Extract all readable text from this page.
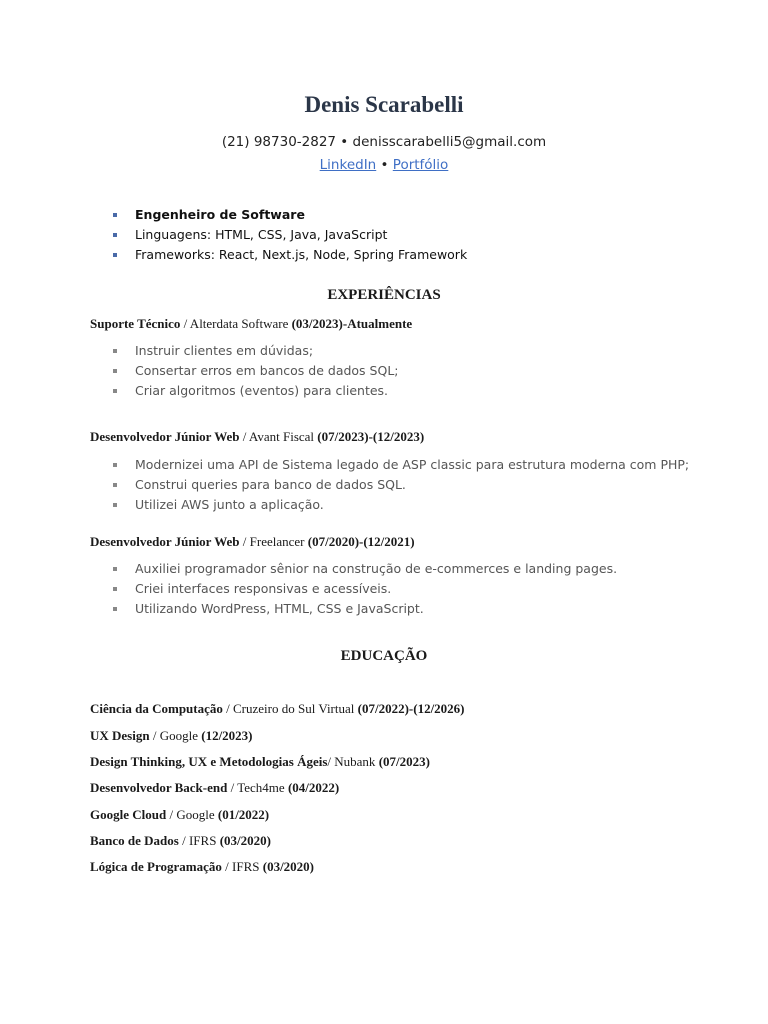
Denis Scarabelli
(21) 98730-2827 • denisscarabelli5@gmail.com
LinkedIn • Portfólio
Engenheiro de Software
Linguagens: HTML, CSS, Java, JavaScript
Frameworks: React, Next.js, Node, Spring Framework
EXPERIÊNCIAS
Suporte Técnico / Alterdata Software (03/2023)-Atualmente
Instruir clientes em dúvidas;
Consertar erros em bancos de dados SQL;
Criar algoritmos (eventos) para clientes.
Desenvolvedor Júnior Web / Avant Fiscal (07/2023)-(12/2023)
Modernizei uma API de Sistema legado de ASP classic para estrutura moderna com PHP;
Construi queries para banco de dados SQL.
Utilizei AWS junto a aplicação.
Desenvolvedor Júnior Web / Freelancer (07/2020)-(12/2021)
Auxiliei programador sênior na construção de e-commerces e landing pages.
Criei interfaces responsivas e acessíveis.
Utilizando WordPress, HTML, CSS e JavaScript.
EDUCAÇÃO
Ciência da Computação / Cruzeiro do Sul Virtual (07/2022)-(12/2026)
UX Design / Google (12/2023)
Design Thinking, UX e Metodologias Ágeis/ Nubank (07/2023)
Desenvolvedor Back-end / Tech4me (04/2022)
Google Cloud / Google (01/2022)
Banco de Dados / IFRS (03/2020)
Lógica de Programação / IFRS (03/2020)
